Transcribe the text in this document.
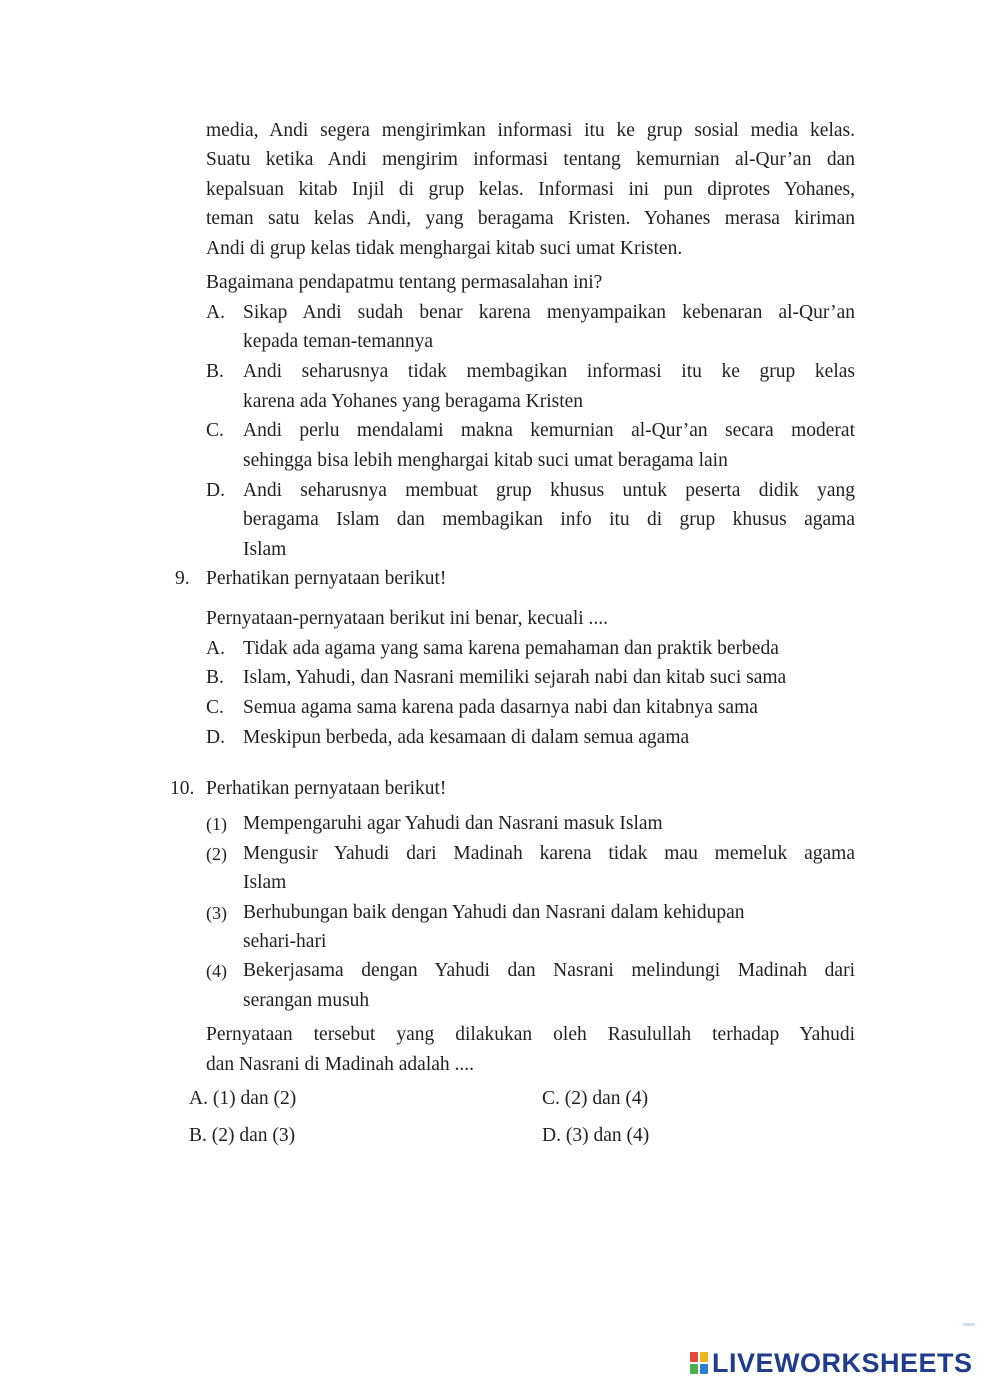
media, Andi segera mengirimkan informasi itu ke grup sosial media kelas.
Suatu ketika Andi mengirim informasi tentang kemurnian al-Qur’an dan
kepalsuan kitab Injil di grup kelas. Informasi ini pun diprotes Yohanes,
teman satu kelas Andi, yang beragama Kristen. Yohanes merasa kiriman
Andi di grup kelas tidak menghargai kitab suci umat Kristen.
Bagaimana pendapatmu tentang permasalahan ini?
A. Sikap Andi sudah benar karena menyampaikan kebenaran al-Qur’an
kepada teman-temannya
B. Andi seharusnya tidak membagikan informasi itu ke grup kelas
karena ada Yohanes yang beragama Kristen
C. Andi perlu mendalami makna kemurnian al-Qur’an secara moderat
sehingga bisa lebih menghargai kitab suci umat beragama lain
D. Andi seharusnya membuat grup khusus untuk peserta didik yang
beragama Islam dan membagikan info itu di grup khusus agama
Islam
9. Perhatikan pernyataan berikut!
Pernyataan-pernyataan berikut ini benar, kecuali ....
A. Tidak ada agama yang sama karena pemahaman dan praktik berbeda
B. Islam, Yahudi, dan Nasrani memiliki sejarah nabi dan kitab suci sama
C. Semua agama sama karena pada dasarnya nabi dan kitabnya sama
D. Meskipun berbeda, ada kesamaan di dalam semua agama
10. Perhatikan pernyataan berikut!
(1) Mempengaruhi agar Yahudi dan Nasrani masuk Islam
(2) Mengusir Yahudi dari Madinah karena tidak mau memeluk agama
Islam
(3) Berhubungan baik dengan Yahudi dan Nasrani dalam kehidupan
sehari-hari
(4) Bekerjasama dengan Yahudi dan Nasrani melindungi Madinah dari
serangan musuh
Pernyataan tersebut yang dilakukan oleh Rasulullah terhadap Yahudi
dan Nasrani di Madinah adalah ....
A. (1) dan (2)	C. (2) dan (4)
B. (2) dan (3)	D. (3) dan (4)
LIVEWORKSHEETS
